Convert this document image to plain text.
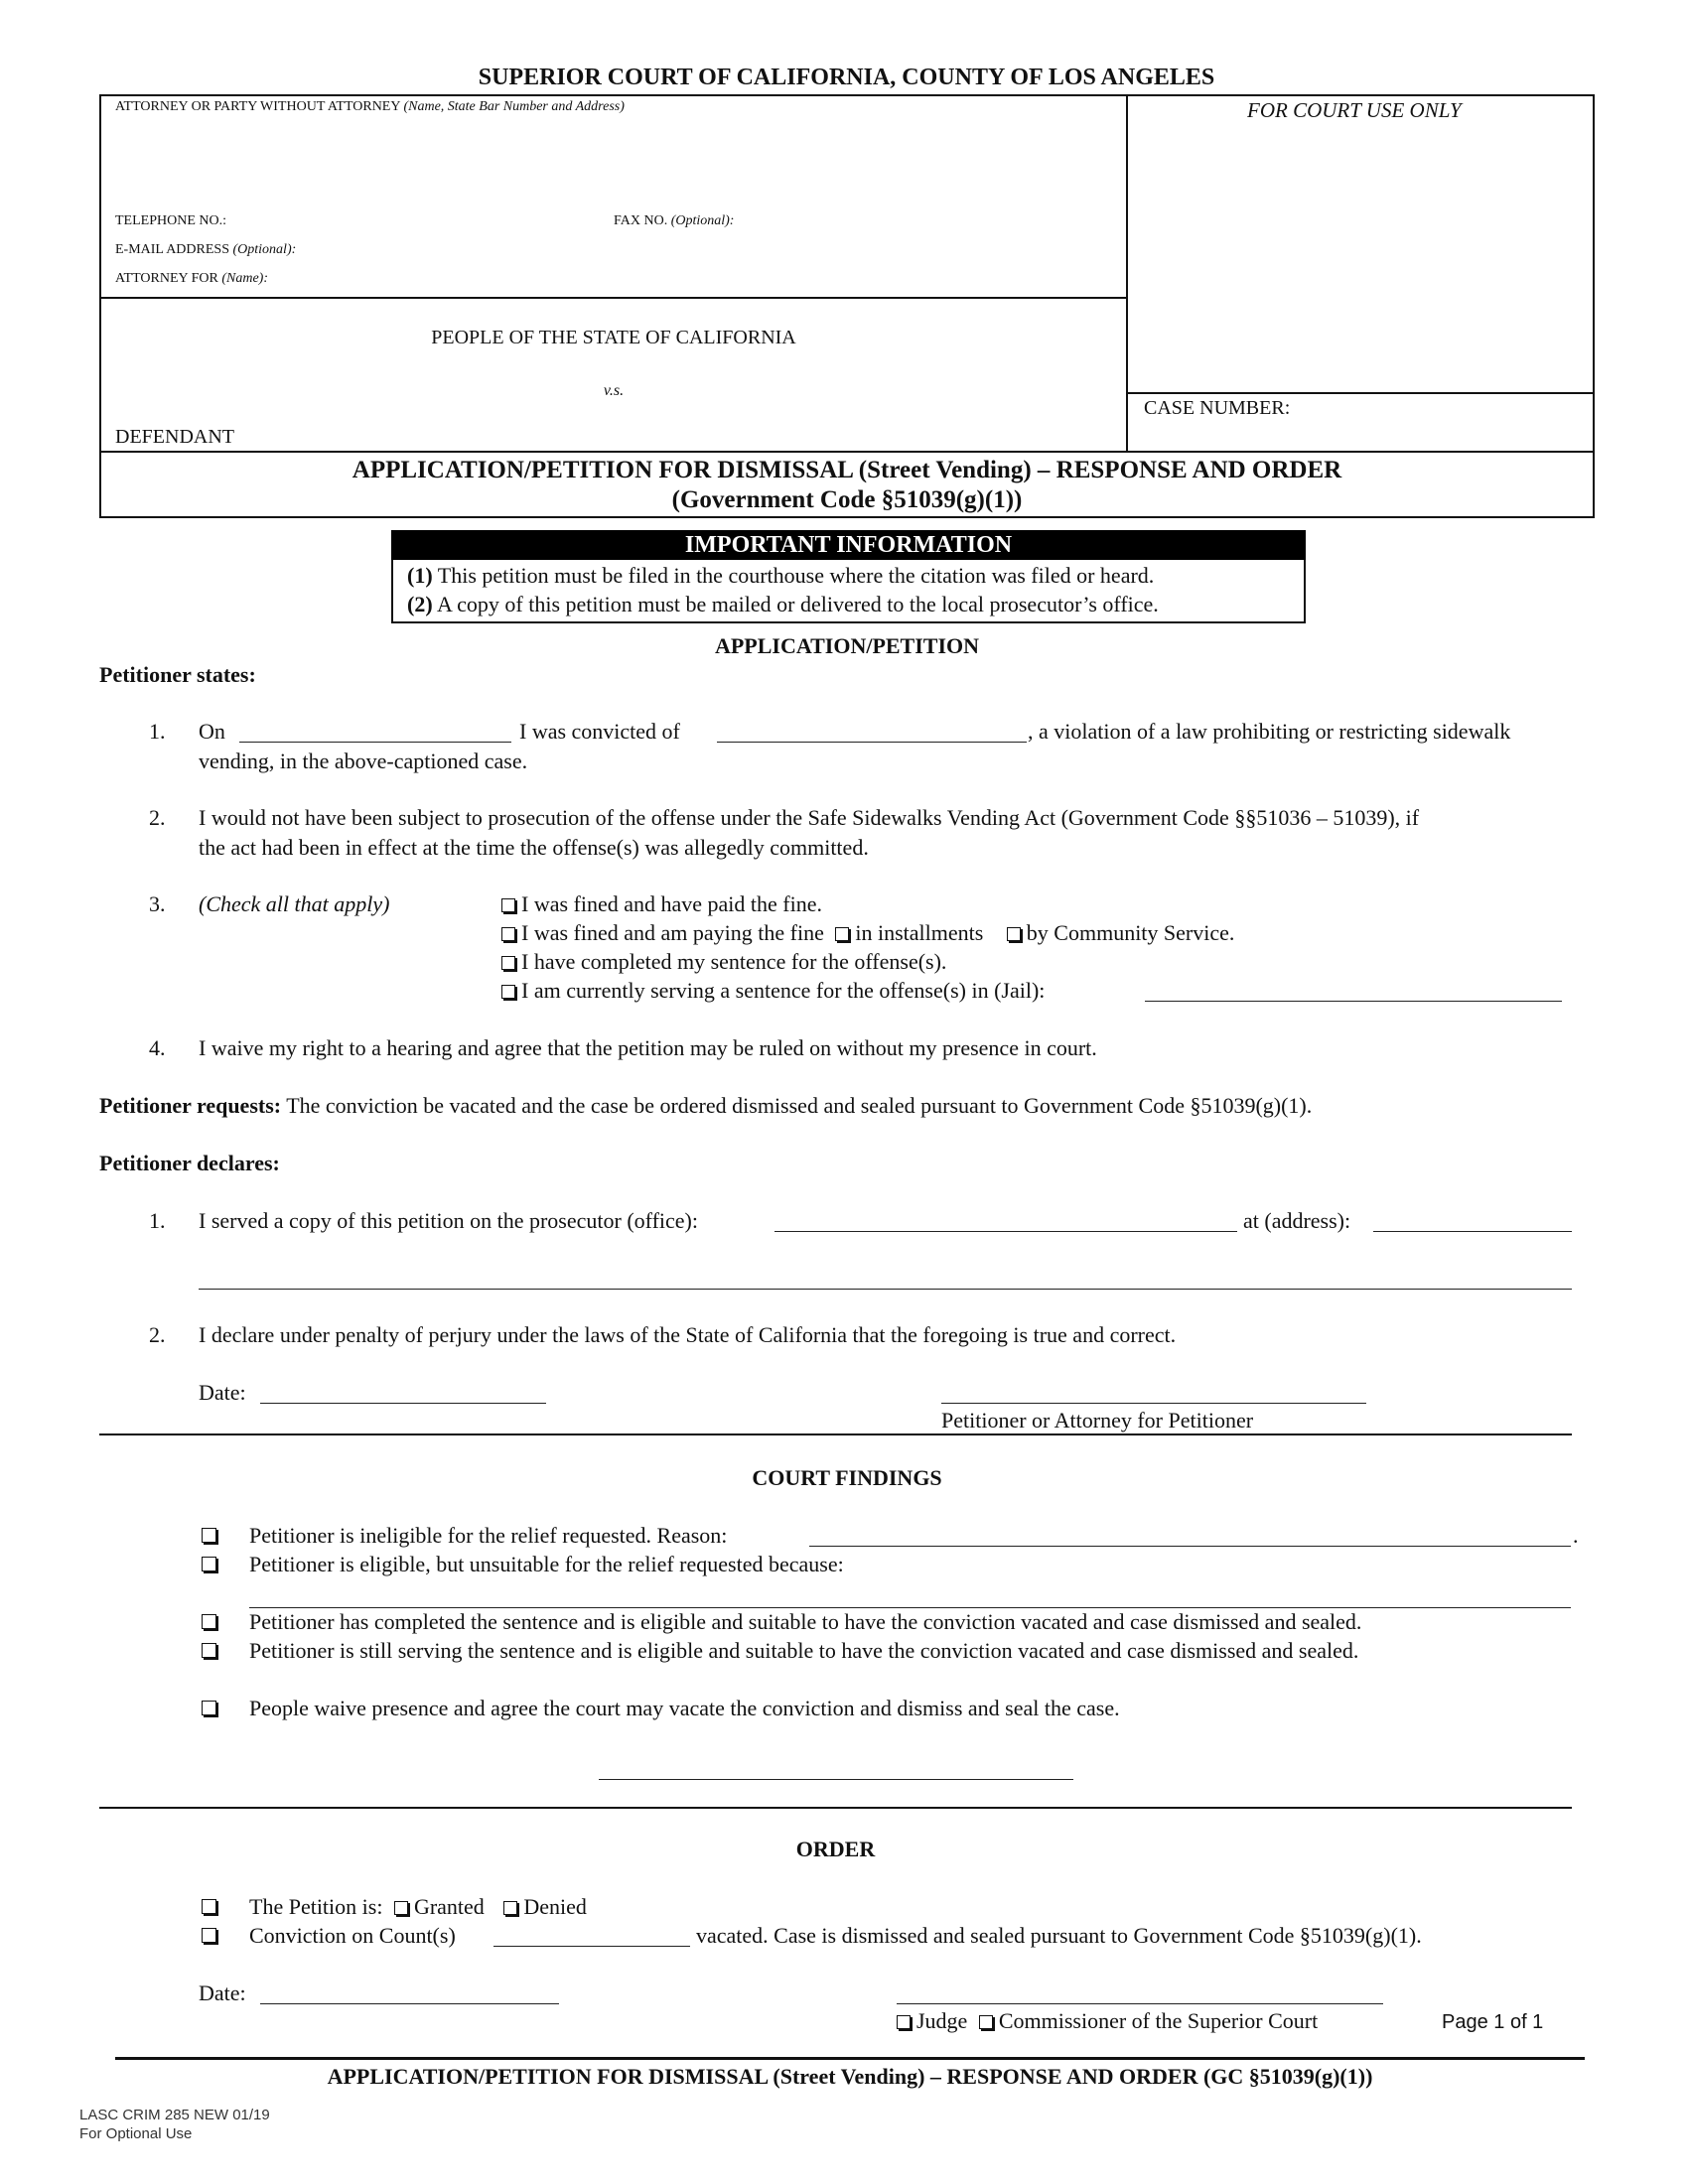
SUPERIOR COURT OF CALIFORNIA, COUNTY OF LOS ANGELES
ATTORNEY OR PARTY WITHOUT ATTORNEY (Name, State Bar Number and Address)	FOR COURT USE ONLY
TELEPHONE NO.:	FAX NO. (Optional):
E-MAIL ADDRESS (Optional):
ATTORNEY FOR (Name):
PEOPLE OF THE STATE OF CALIFORNIA
v.s.
DEFENDANT
CASE NUMBER:
APPLICATION/PETITION FOR DISMISSAL (Street Vending) – RESPONSE AND ORDER
(Government Code §51039(g)(1))
IMPORTANT INFORMATION
(1) This petition must be filed in the courthouse where the citation was filed or heard.
(2) A copy of this petition must be mailed or delivered to the local prosecutor’s office.
APPLICATION/PETITION
Petitioner states:
1. On	I was convicted of	, a violation of a law prohibiting or restricting sidewalk
vending, in the above-captioned case.
2. I would not have been subject to prosecution of the offense under the Safe Sidewalks Vending Act (Government Code §§51036 – 51039), if
the act had been in effect at the time the offense(s) was allegedly committed.
3. (Check all that apply)	I was fined and have paid the fine.
I was fined and am paying the fine in installments by Community Service.
I have completed my sentence for the offense(s).
I am currently serving a sentence for the offense(s) in (Jail):
4. I waive my right to a hearing and agree that the petition may be ruled on without my presence in court.
Petitioner requests: The conviction be vacated and the case be ordered dismissed and sealed pursuant to Government Code §51039(g)(1).
Petitioner declares:
1. I served a copy of this petition on the prosecutor (office):	at (address):
2. I declare under penalty of perjury under the laws of the State of California that the foregoing is true and correct.
Date:
Petitioner or Attorney for Petitioner
COURT FINDINGS
Petitioner is ineligible for the relief requested. Reason:	.
Petitioner is eligible, but unsuitable for the relief requested because:
Petitioner has completed the sentence and is eligible and suitable to have the conviction vacated and case dismissed and sealed.
Petitioner is still serving the sentence and is eligible and suitable to have the conviction vacated and case dismissed and sealed.
People waive presence and agree the court may vacate the conviction and dismiss and seal the case.
ORDER
The Petition is: Granted Denied
Conviction on Count(s)	vacated. Case is dismissed and sealed pursuant to Government Code §51039(g)(1).
Date:
Judge Commissioner of the Superior Court	Page 1 of 1
APPLICATION/PETITION FOR DISMISSAL (Street Vending) – RESPONSE AND ORDER (GC §51039(g)(1))
LASC CRIM 285 NEW 01/19
For Optional Use
